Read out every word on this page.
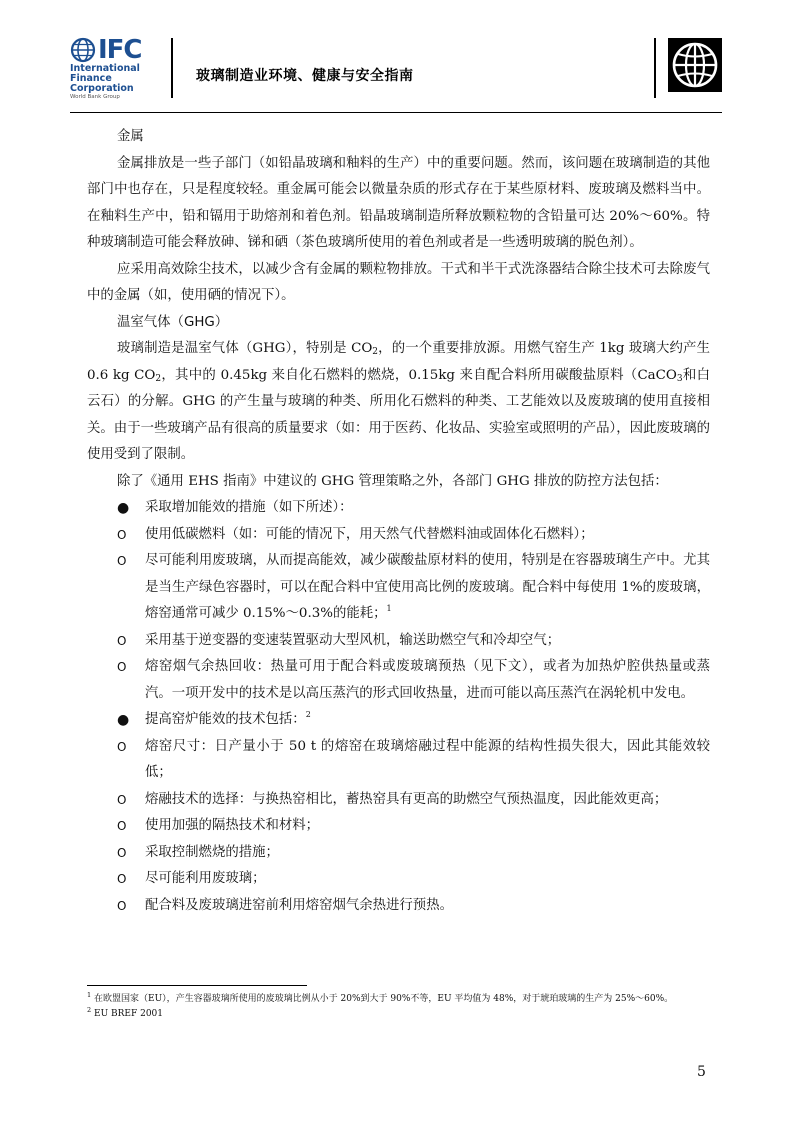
IFC
International
Finance
Corporation
World Bank Group
玻璃制造业环境、健康与安全指南

金属

金属排放是一些子部门（如铅晶玻璃和釉料的生产）中的重要问题。然而，该问题在玻璃制造的其他部门中也存在，只是程度较轻。重金属可能会以微量杂质的形式存在于某些原材料、废玻璃及燃料当中。在釉料生产中，铅和镉用于助熔剂和着色剂。铅晶玻璃制造所释放颗粒物的含铅量可达 20%～60%。特种玻璃制造可能会释放砷、锑和硒（茶色玻璃所使用的着色剂或者是一些透明玻璃的脱色剂）。

应采用高效除尘技术，以减少含有金属的颗粒物排放。干式和半干式洗涤器结合除尘技术可去除废气中的金属（如，使用硒的情况下）。

温室气体（GHG）

玻璃制造是温室气体（GHG），特别是 $CO_2$，的一个重要排放源。用燃气窑生产 1kg 玻璃大约产生 0.6 kg $CO_2$，其中的 0.45kg 来自化石燃料的燃烧，0.15kg 来自配合料所用碳酸盐原料（CaCO$_3$和白云石）的分解。GHG 的产生量与玻璃的种类、所用化石燃料的种类、工艺能效以及废玻璃的使用直接相关。由于一些玻璃产品有很高的质量要求（如：用于医药、化妆品、实验室或照明的产品），因此废玻璃的使用受到了限制。

除了《通用 EHS 指南》中建议的 GHG 管理策略之外，各部门 GHG 排放的防控方法包括：

●	采取增加能效的措施（如下所述）：
O	使用低碳燃料（如：可能的情况下，用天然气代替燃料油或固体化石燃料）；
O	尽可能利用废玻璃，从而提高能效，减少碳酸盐原材料的使用，特别是在容器玻璃生产中。尤其是当生产绿色容器时，可以在配合料中宜使用高比例的废玻璃。配合料中每使用 1%的废玻璃，熔窑通常可减少 0.15%～0.3%的能耗；$^1$
O	采用基于逆变器的变速装置驱动大型风机，输送助燃空气和冷却空气；
O	熔窑烟气余热回收：热量可用于配合料或废玻璃预热（见下文），或者为加热炉腔供热量或蒸汽。一项开发中的技术是以高压蒸汽的形式回收热量，进而可能以高压蒸汽在涡轮机中发电。
●	提高窑炉能效的技术包括：$^2$
O	熔窑尺寸：日产量小于 50 t 的熔窑在玻璃熔融过程中能源的结构性损失很大，因此其能效较低；
O	熔融技术的选择：与换热窑相比，蓄热窑具有更高的助燃空气预热温度，因此能效更高；
O	使用加强的隔热技术和材料；
O	采取控制燃烧的措施；
O	尽可能利用废玻璃；
O	配合料及废玻璃进窑前利用熔窑烟气余热进行预热。

$^1$ 在欧盟国家（EU），产生容器玻璃所使用的废玻璃比例从小于 20%到大于 90%不等，EU 平均值为 48%，对于琥珀玻璃的生产为 25%～60%。

$^2$ EU BREF 2001

5
